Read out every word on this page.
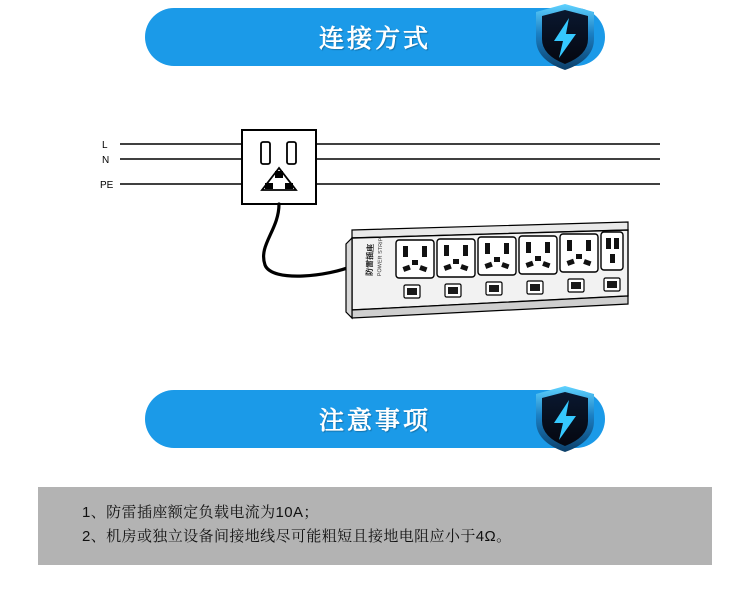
连接方式
L
N
PE
防雷插座 POWER STRIP
注意事项
1、防雷插座额定负载电流为10A；
2、机房或独立设备间接地线尽可能粗短且接地电阻应小于4Ω。
